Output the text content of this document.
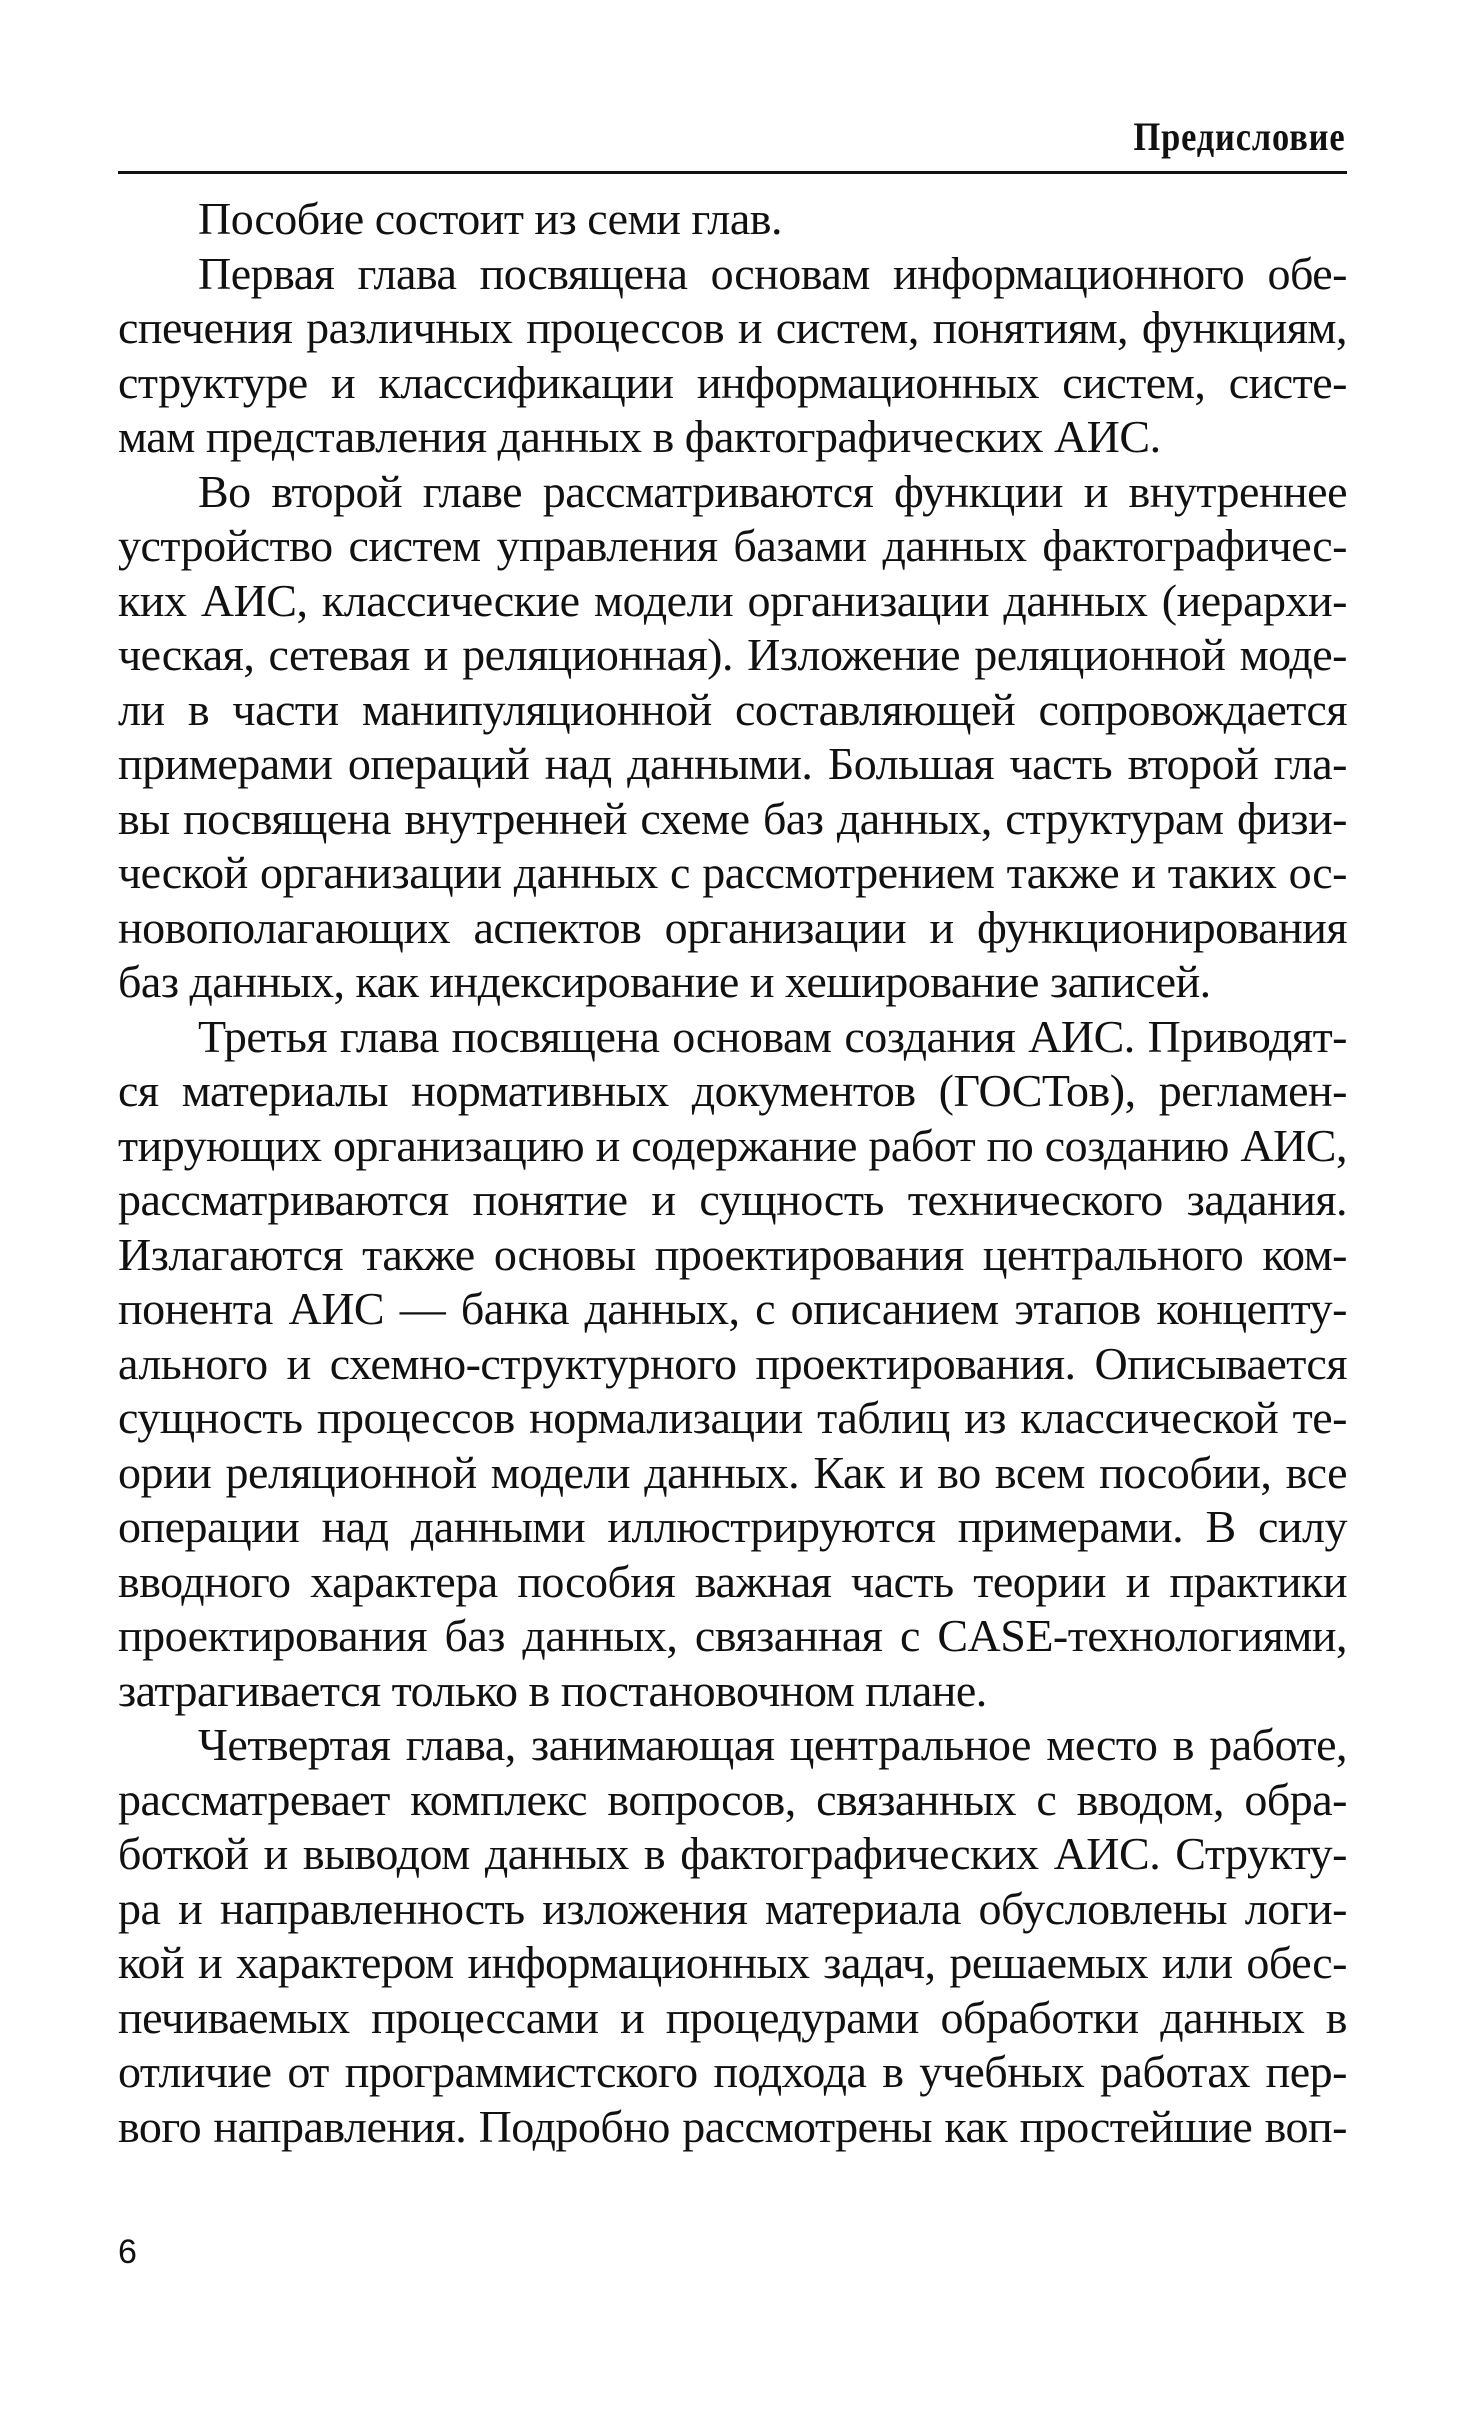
Предисловие
Пособие состоит из семи глав.
Первая глава посвящена основам информационного обе-
спечения различных процессов и систем, понятиям, функциям,
структуре и классификации информационных систем, систе-
мам представления данных в фактографических АИС.
Во второй главе рассматриваются функции и внутреннее
устройство систем управления базами данных фактографичес-
ких АИС, классические модели организации данных (иерархи-
ческая, сетевая и реляционная). Изложение реляционной моде-
ли в части манипуляционной составляющей сопровождается
примерами операций над данными. Большая часть второй гла-
вы посвящена внутренней схеме баз данных, структурам физи-
ческой организации данных с рассмотрением также и таких ос-
новополагающих аспектов организации и функционирования
баз данных, как индексирование и хеширование записей.
Третья глава посвящена основам создания АИС. Приводят-
ся материалы нормативных документов (ГОСТов), регламен-
тирующих организацию и содержание работ по созданию АИС,
рассматриваются понятие и сущность технического задания.
Излагаются также основы проектирования центрального ком-
понента АИС — банка данных, с описанием этапов концепту-
ального и схемно-структурного проектирования. Описывается
сущность процессов нормализации таблиц из классической те-
ории реляционной модели данных. Как и во всем пособии, все
операции над данными иллюстрируются примерами. В силу
вводного характера пособия важная часть теории и практики
проектирования баз данных, связанная с CASE-технологиями,
затрагивается только в постановочном плане.
Четвертая глава, занимающая центральное место в работе,
рассматревает комплекс вопросов, связанных с вводом, обра-
боткой и выводом данных в фактографических АИС. Структу-
ра и направленность изложения материала обусловлены логи-
кой и характером информационных задач, решаемых или обес-
печиваемых процессами и процедурами обработки данных в
отличие от программистского подхода в учебных работах пер-
вого направления. Подробно рассмотрены как простейшие воп-
6
